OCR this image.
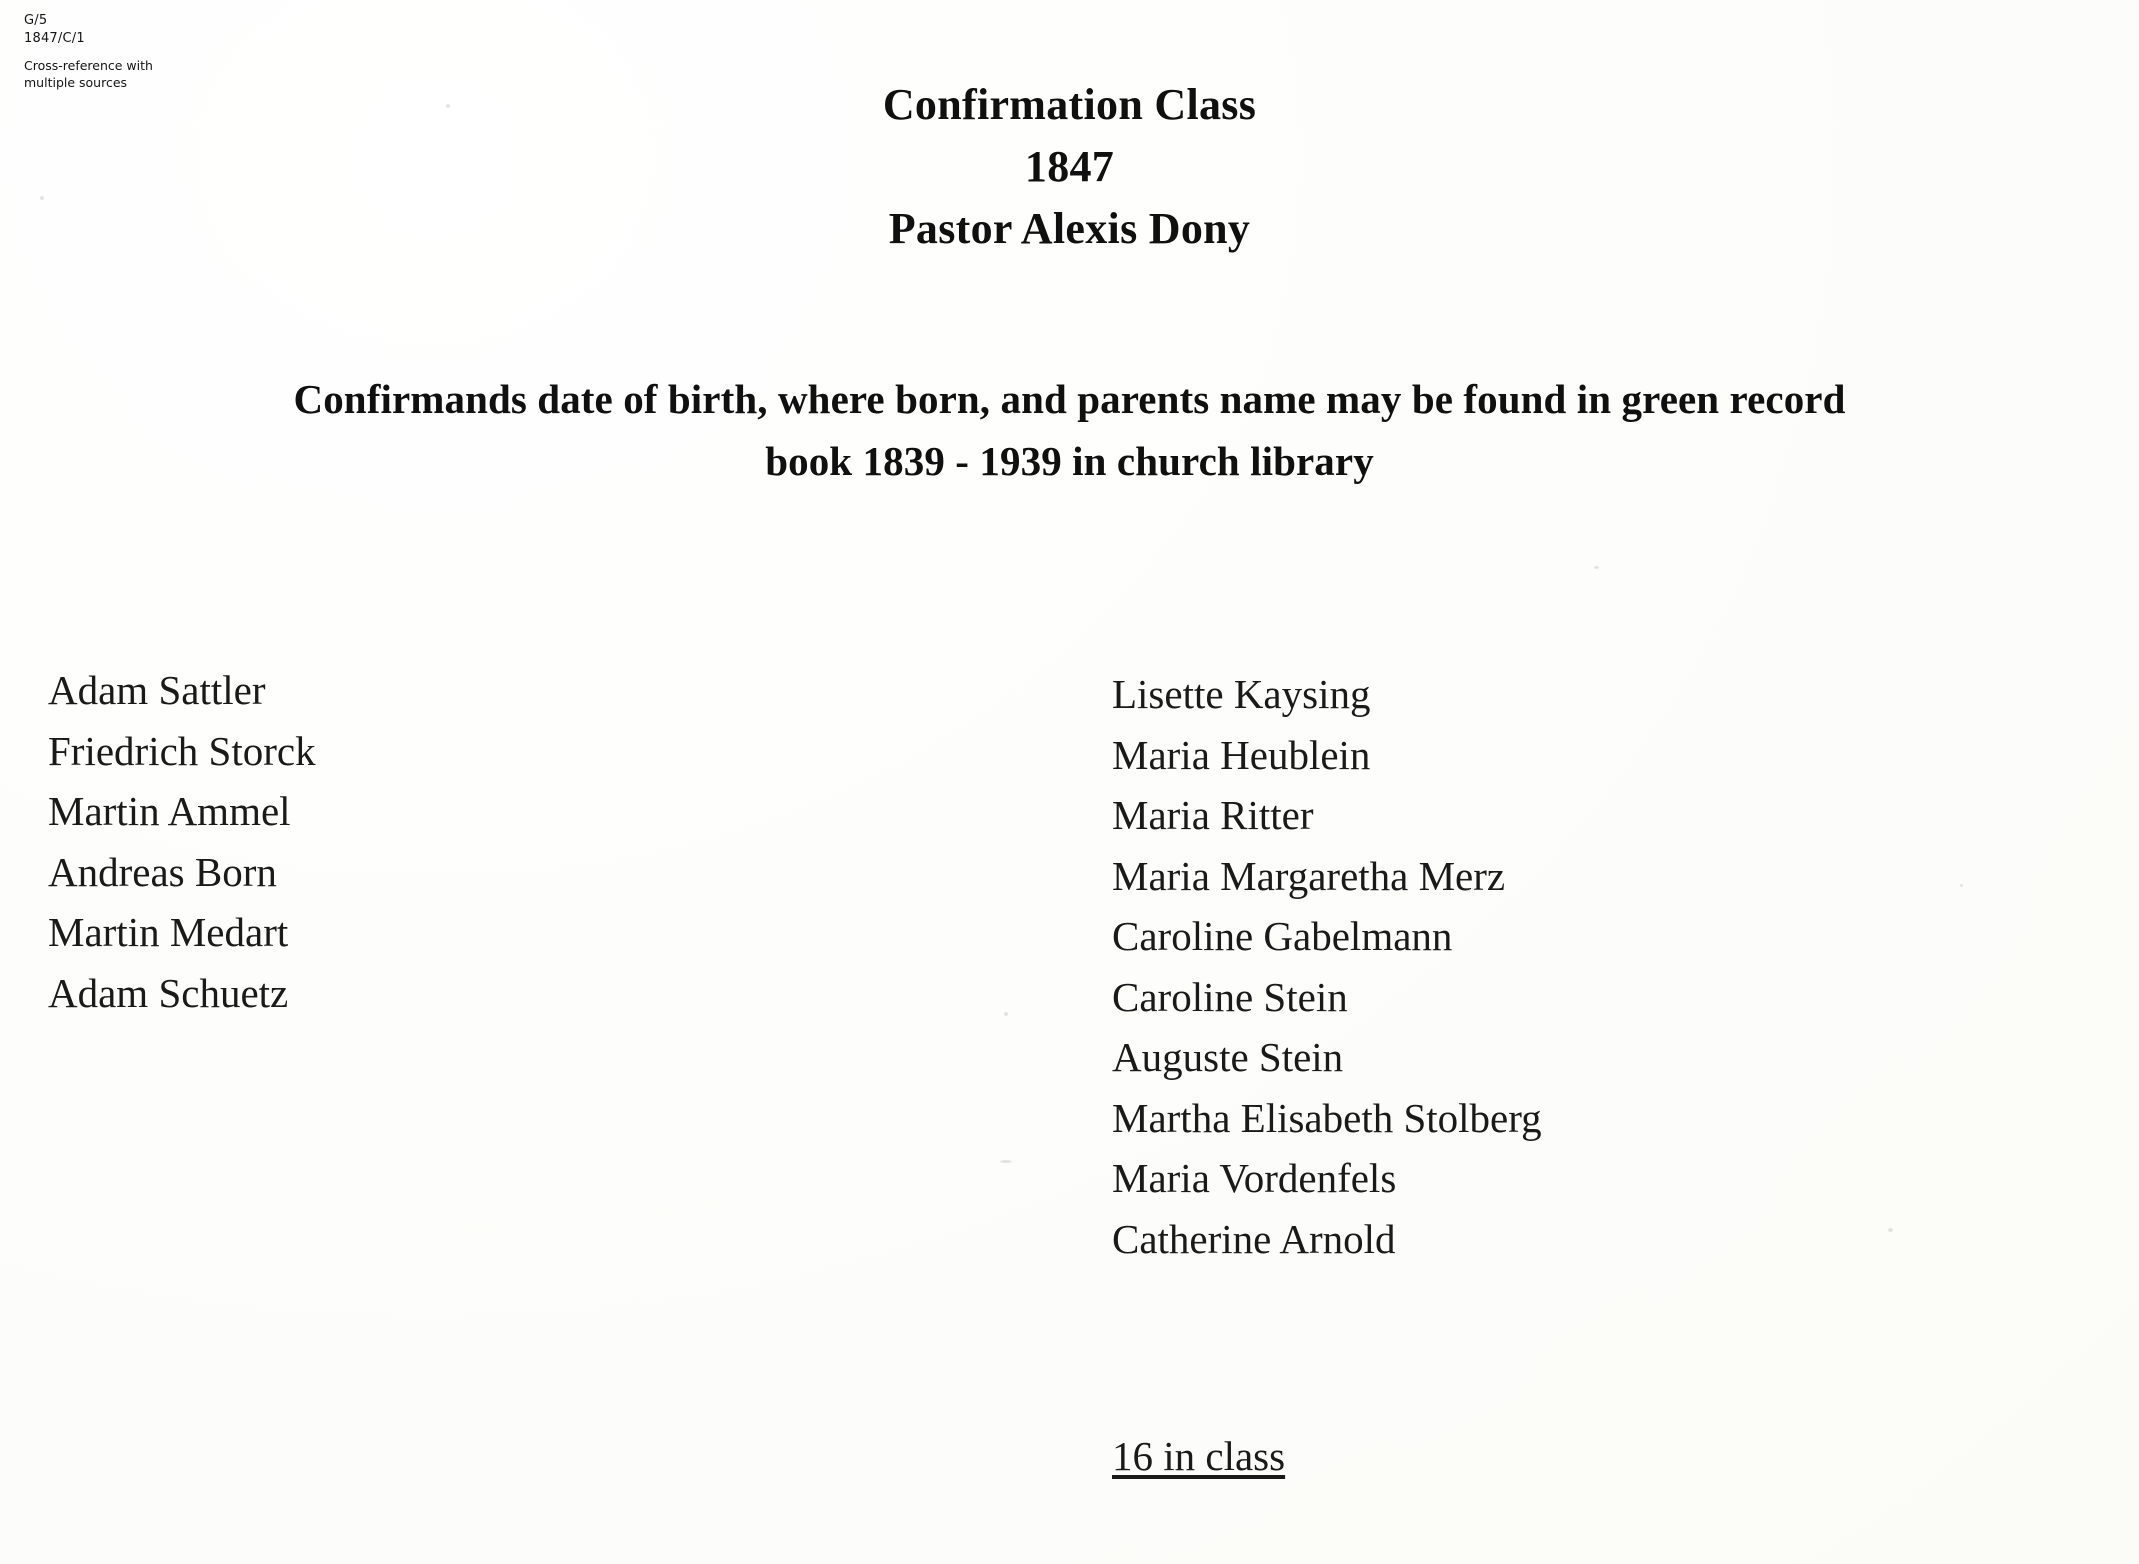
G/5
1847/C/1
Cross-reference with multiple sources	Confirmation Class
1847
Pastor Alexis Dony
Confirmands date of birth, where born, and parents name may be found in green record
book 1839 - 1939 in church library
Adam Sattler
Friedrich Storck
Martin Ammel
Andreas Born
Martin Medart
Adam Schuetz
Lisette Kaysing
Maria Heublein
Maria Ritter
Maria Margaretha Merz
Caroline Gabelmann
Caroline Stein
Auguste Stein
Martha Elisabeth Stolberg
Maria Vordenfels
Catherine Arnold
16 in class
